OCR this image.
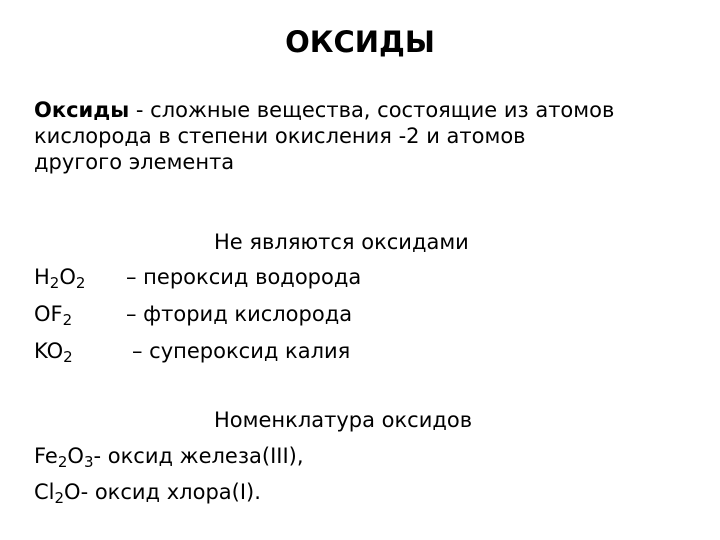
ОКСИДЫ
Оксиды - сложные вещества, состоящие из атомов
кислорода в степени окисления -2 и атомов
другого элемента
Не являются оксидами
$H_2O_2$ – пероксид водорода
$OF_2$	– фторид кислорода
$KO_2$	– супероксид калия
Номенклатура оксидов
$Fe_2O_3-$ оксид железа(III),
$Cl_2O-$ оксид хлора(I).
